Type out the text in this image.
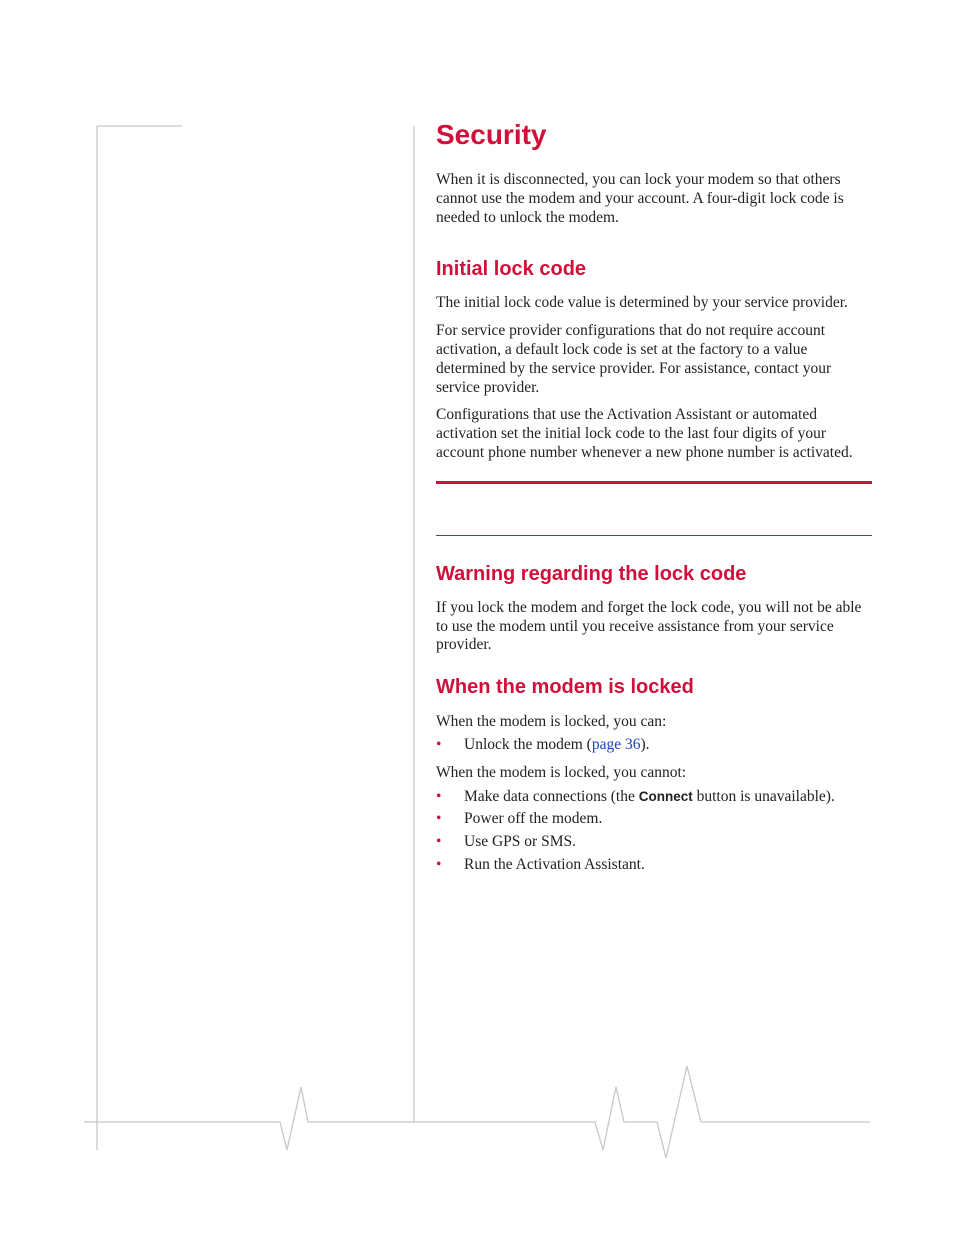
Security

When it is disconnected, you can lock your modem so that others cannot use the modem and your account. A four-digit lock code is needed to unlock the modem.

Initial lock code

The initial lock code value is determined by your service provider.

For service provider configurations that do not require account activation, a default lock code is set at the factory to a value determined by the service provider. For assistance, contact your service provider.

Configurations that use the Activation Assistant or automated activation set the initial lock code to the last four digits of your account phone number whenever a new phone number is activated.

Warning regarding the lock code

If you lock the modem and forget the lock code, you will not be able to use the modem until you receive assistance from your service provider.

When the modem is locked

When the modem is locked, you can:

• Unlock the modem (page 36).

When the modem is locked, you cannot:

• Make data connections (the Connect button is unavailable).
• Power off the modem.
• Use GPS or SMS.
• Run the Activation Assistant.
